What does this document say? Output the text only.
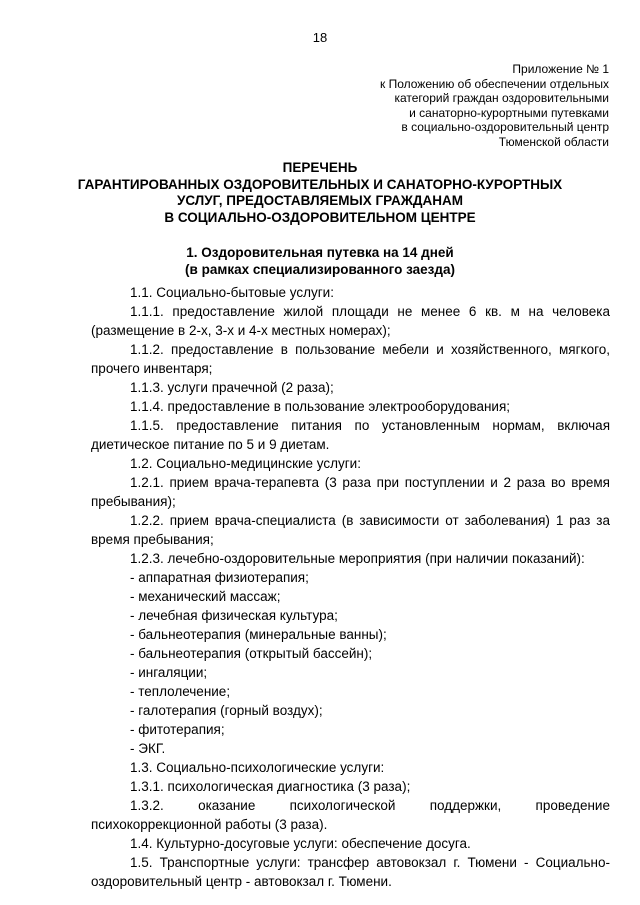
18
Приложение № 1
к Положению об обеспечении отдельных
категорий граждан оздоровительными
и санаторно-курортными путевками
в социально-оздоровительный центр
Тюменской области
ПЕРЕЧЕНЬ
ГАРАНТИРОВАННЫХ ОЗДОРОВИТЕЛЬНЫХ И САНАТОРНО-КУРОРТНЫХ
УСЛУГ, ПРЕДОСТАВЛЯЕМЫХ ГРАЖДАНАМ
В СОЦИАЛЬНО-ОЗДОРОВИТЕЛЬНОМ ЦЕНТРЕ
1. Оздоровительная путевка на 14 дней
(в рамках специализированного заезда)
1.1. Социально-бытовые услуги:
1.1.1. предоставление жилой площади не менее 6 кв. м на человека (размещение в 2-х, 3-х и 4-х местных номерах);
1.1.2. предоставление в пользование мебели и хозяйственного, мягкого, прочего инвентаря;
1.1.3. услуги прачечной (2 раза);
1.1.4. предоставление в пользование электрооборудования;
1.1.5. предоставление питания по установленным нормам, включая диетическое питание по 5 и 9 диетам.
1.2. Социально-медицинские услуги:
1.2.1. прием врача-терапевта (3 раза при поступлении и 2 раза во время пребывания);
1.2.2. прием врача-специалиста (в зависимости от заболевания) 1 раз за время пребывания;
1.2.3. лечебно-оздоровительные мероприятия (при наличии показаний):
- аппаратная физиотерапия;
- механический массаж;
- лечебная физическая культура;
- бальнеотерапия (минеральные ванны);
- бальнеотерапия (открытый бассейн);
- ингаляции;
- теплолечение;
- галотерапия (горный воздух);
- фитотерапия;
- ЭКГ.
1.3. Социально-психологические услуги:
1.3.1. психологическая диагностика (3 раза);
1.3.2. оказание психологической поддержки, проведение психокоррекционной работы (3 раза).
1.4. Культурно-досуговые услуги: обеспечение досуга.
1.5. Транспортные услуги: трансфер автовокзал г. Тюмени - Социально-оздоровительный центр - автовокзал г. Тюмени.
